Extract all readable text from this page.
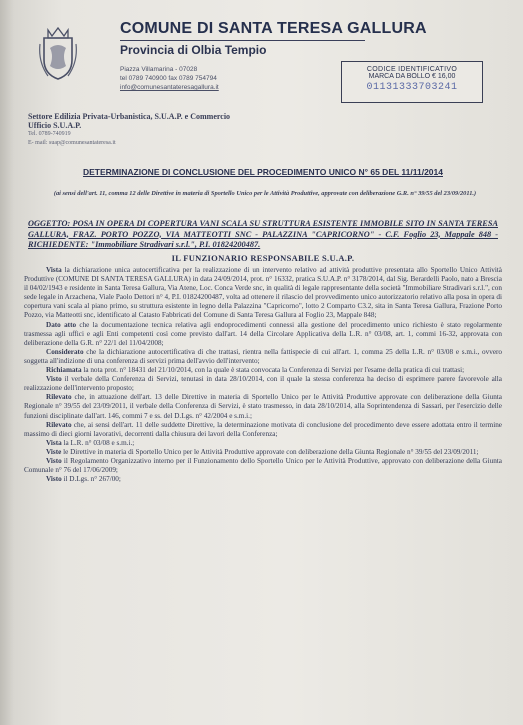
COMUNE DI SANTA TERESA GALLURA
Provincia di Olbia Tempio
Piazza Villamarina - 07028
tel 0789 740900 fax 0789 754794
info@comunesantateresagallura.it
CODICE IDENTIFICATIVO
MARCA DA BOLLO € 16,00
01131333703241
Settore Edilizia Privata-Urbanistica, S.U.A.P. e Commercio
Ufficio S.U.A.P.
Tel. 0789-740919
E- mail: suap@comunesantateresa.it
DETERMINAZIONE DI CONCLUSIONE DEL PROCEDIMENTO UNICO N° 65 DEL 11/11/2014
(ai sensi dell'art. 11, comma 12 delle Direttive in materia di Sportello Unico per le Attività Produttive, approvate con deliberazione G.R. n° 39/55 del 23/09/2011.)
OGGETTO: POSA IN OPERA DI COPERTURA VANI SCALA SU STRUTTURA ESISTENTE IMMOBILE SITO IN SANTA TERESA GALLURA, FRAZ. PORTO POZZO, VIA MATTEOTTI SNC - PALAZZINA "CAPRICORNO" - C.F. Foglio 23, Mappale 848 - RICHIEDENTE: "Immobiliare Stradivari s.r.l.", P.I. 01824200487.
IL FUNZIONARIO RESPONSABILE S.U.A.P.

Vista la dichiarazione unica autocertificativa per la realizzazione di un intervento relativo ad attività produttive presentata allo Sportello Unico Attività Produttive (COMUNE DI SANTA TERESA GALLURA) in data 24/09/2014, prot. n° 16332, pratica S.U.A.P. n° 3178/2014, dal Sig. Berardelli Paolo, nato a Brescia il 04/02/1943 e residente in Santa Teresa Gallura, Via Atene, Loc. Conca Verde snc, in qualità di legale rappresentante della società "Immobiliare Stradivari s.r.l.", con sede legale in Arzachena, Viale Paolo Dettori n° 4, P.I. 01824200487, volta ad ottenere il rilascio del provvedimento unico autorizzatorio relativo alla posa in opera di copertura vani scala al piano primo, su struttura esistente in legno della Palazzina "Capricorno", lotto 2 Comparto C3.2, sita in Santa Teresa Gallura, Frazione Porto Pozzo, via Matteotti snc, identificato al Catasto Fabbricati del Comune di Santa Teresa Gallura al Foglio 23, Mappale 848;

Dato atto che la documentazione tecnica relativa agli endoprocedimenti connessi alla gestione del procedimento unico richiesto è stato regolarmente trasmessa agli uffici e agli Enti competenti così come previsto dall'art. 14 della Circolare Applicativa della L.R. n° 03/08, art. 1, commi 16-32, approvata con deliberazione della G.R. n° 22/1 del 11/04/2008;

Considerato che la dichiarazione autocertificativa di che trattasi, rientra nella fattispecie di cui all'art. 1, comma 25 della L.R. n° 03/08 e s.m.i., ovvero soggetta all'indizione di una conferenza di servizi prima dell'avvio dell'intervento;

Richiamata la nota prot. n° 18431 del 21/10/2014, con la quale è stata convocata la Conferenza di Servizi per l'esame della pratica di cui trattasi;

Visto il verbale della Conferenza di Servizi, tenutasi in data 28/10/2014, con il quale la stessa conferenza ha deciso di esprimere parere favorevole alla realizzazione dell'intervento proposto;

Rilevato che, in attuazione dell'art. 13 delle Direttive in materia di Sportello Unico per le Attività Produttive approvate con deliberazione della Giunta Regionale n° 39/55 del 23/09/2011, il verbale della Conferenza di Servizi, è stato trasmesso, in data 28/10/2014, alla Soprintendenza di Sassari, per l'esercizio delle funzioni disciplinate dall'art. 146, commi 7 e ss. del D.Lgs. n° 42/2004 e s.m.i.;

Rilevato che, ai sensi dell'art. 11 delle suddette Direttive, la determinazione motivata di conclusione del procedimento deve essere adottata entro il termine massimo di dieci giorni lavorativi, decorrenti dalla chiusura dei lavori della Conferenza;

Vista la L.R. n° 03/08 e s.m.i.;

Viste le Direttive in materia di Sportello Unico per le Attività Produttive approvate con deliberazione della Giunta Regionale n° 39/55 del 23/09/2011;

Visto il Regolamento Organizzativo interno per il Funzionamento dello Sportello Unico per le Attività Produttive, approvato con deliberazione della Giunta Comunale n° 76 del 17/06/2009;

Visto il D.Lgs. n° 267/00;
